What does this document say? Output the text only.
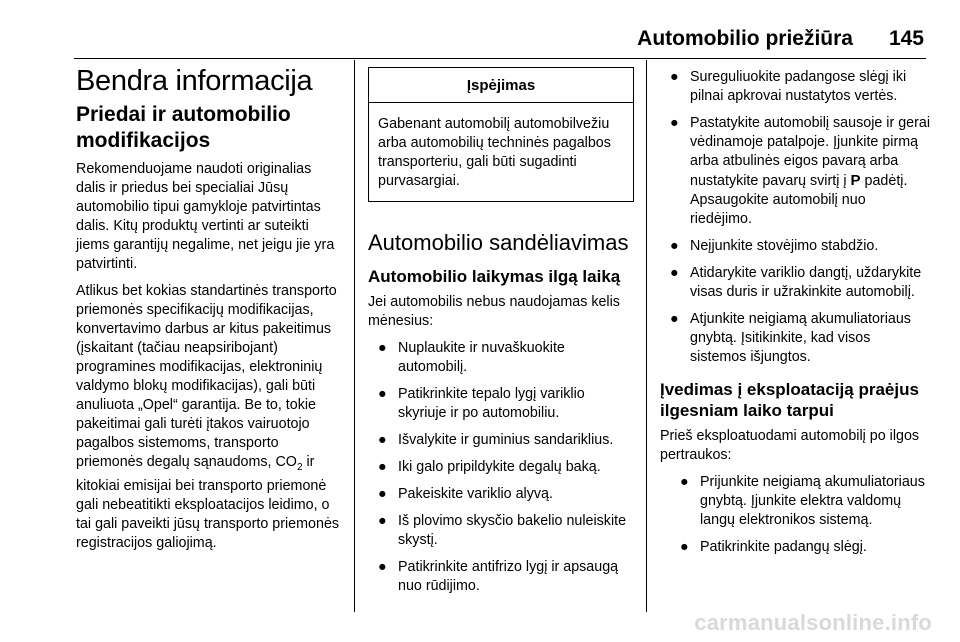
Automobilio priežiūra 145
Bendra informacija
Priedai ir automobilio modifikacijos

Rekomenduojame naudoti originalias dalis ir priedus bei specialiai Jūsų automobilio tipui gamykloje patvirtintas dalis. Kitų produktų vertinti ar suteikti jiems garantijų negalime, net jeigu jie yra patvirtinti.

Atlikus bet kokias standartinės transporto priemonės specifikacijų modifikacijas, konvertavimo darbus ar kitus pakeitimus (įskaitant (tačiau neapsiribojant) programines modifikacijas, elektroninių valdymo blokų modifikacijas), gali būti anuliuota „Opel“ garantija. Be to, tokie pakeitimai gali turėti įtakos vairuotojo pagalbos sistemoms, transporto priemonės degalų sąnaudoms, $CO_2$ ir kitokiai emisijai bei transporto priemonė gali nebeatitikti eksploatacijos leidimo, o tai gali paveikti jūsų transporto priemonės registracijos galiojimą.

Įspėjimas
Gabenant automobilį automobilvežiu arba automobilių techninės pagalbos transporteriu, gali būti sugadinti purvasargiai.
Automobilio sandėliavimas
Automobilio laikymas ilgą laiką

Jei automobilis nebus naudojamas kelis mėnesius:

● Nuplaukite ir nuvaškuokite automobilį.
● Patikrinkite tepalo lygį variklio skyriuje ir po automobiliu.
● Išvalykite ir guminius sandariklius.
● Iki galo pripildykite degalų baką.
● Pakeiskite variklio alyvą.
● Iš plovimo skysčio bakelio nuleiskite skystį.
● Patikrinkite antifrizo lygį ir apsaugą nuo rūdijimo.
● Sureguliuokite padangose slėgį iki pilnai apkrovai nustatytos vertės.
● Pastatykite automobilį sausoje ir gerai vėdinamoje patalpoje. Įjunkite pirmą arba atbulinės eigos pavarą arba nustatykite pavarų svirtį į P padėtį. Apsaugokite automobilį nuo riedėjimo.
● Neįjunkite stovėjimo stabdžio.
● Atidarykite variklio dangtį, uždarykite visas duris ir užrakinkite automobilį.
● Atjunkite neigiamą akumuliatoriaus gnybtą. Įsitikinkite, kad visos sistemos išjungtos.
Įvedimas į eksploataciją praėjus ilgesniam laiko tarpui

Prieš eksploatuodami automobilį po ilgos pertraukos:

● Prijunkite neigiamą akumuliatoriaus gnybtą. Įjunkite elektra valdomų langų elektronikos sistemą.
● Patikrinkite padangų slėgį.
carmanualsonline.info
